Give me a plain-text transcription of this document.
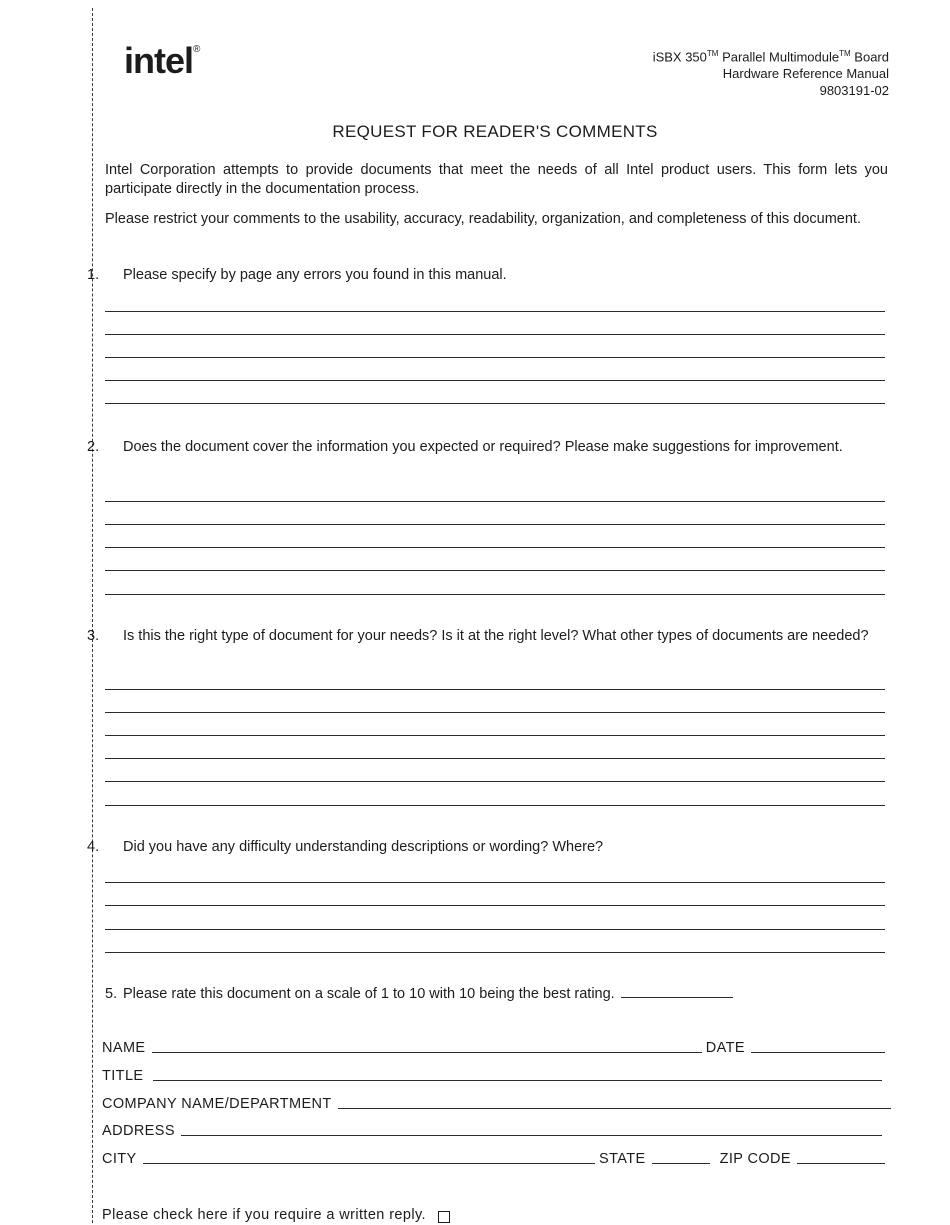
intel®	iSBX 350™ Parallel Multimodule™ Board
Hardware Reference Manual
9803191-02
REQUEST FOR READER'S COMMENTS
Intel Corporation attempts to provide documents that meet the needs of all Intel product users. This form lets you participate directly in the documentation process.
Please restrict your comments to the usability, accuracy, readability, organization, and completeness of this document.
1. Please specify by page any errors you found in this manual.
2. Does the document cover the information you expected or required? Please make suggestions for improvement.
3. Is this the right type of document for your needs? Is it at the right level? What other types of documents are needed?
4. Did you have any difficulty understanding descriptions or wording? Where?
5. Please rate this document on a scale of 1 to 10 with 10 being the best rating.
NAME	DATE
TITLE
COMPANY NAME/DEPARTMENT
ADDRESS
CITY	STATE	ZIP CODE
Please check here if you require a written reply.
